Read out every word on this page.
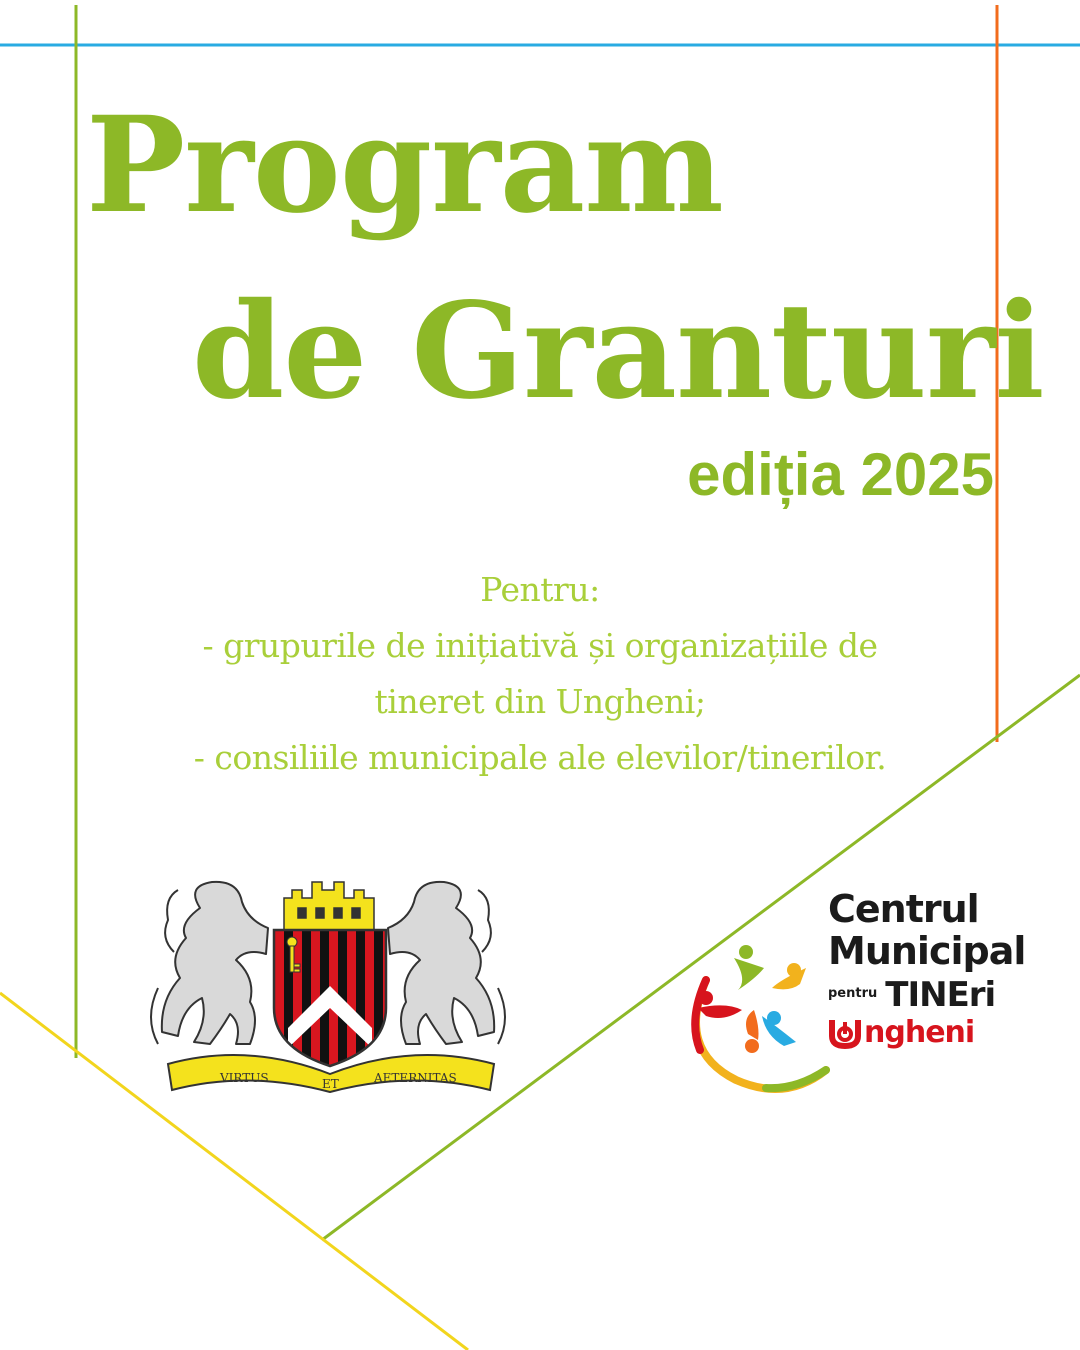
Program
de Granturi
ediția 2025
Pentru:
- grupurile de inițiativă și organizațiile de
tineret din Ungheni;
- consiliile municipale ale elevilor/tinerilor.
VIRTUS	ET	AETERNITAS
Centrul
Municipal
pentru TINEri
ngheni
